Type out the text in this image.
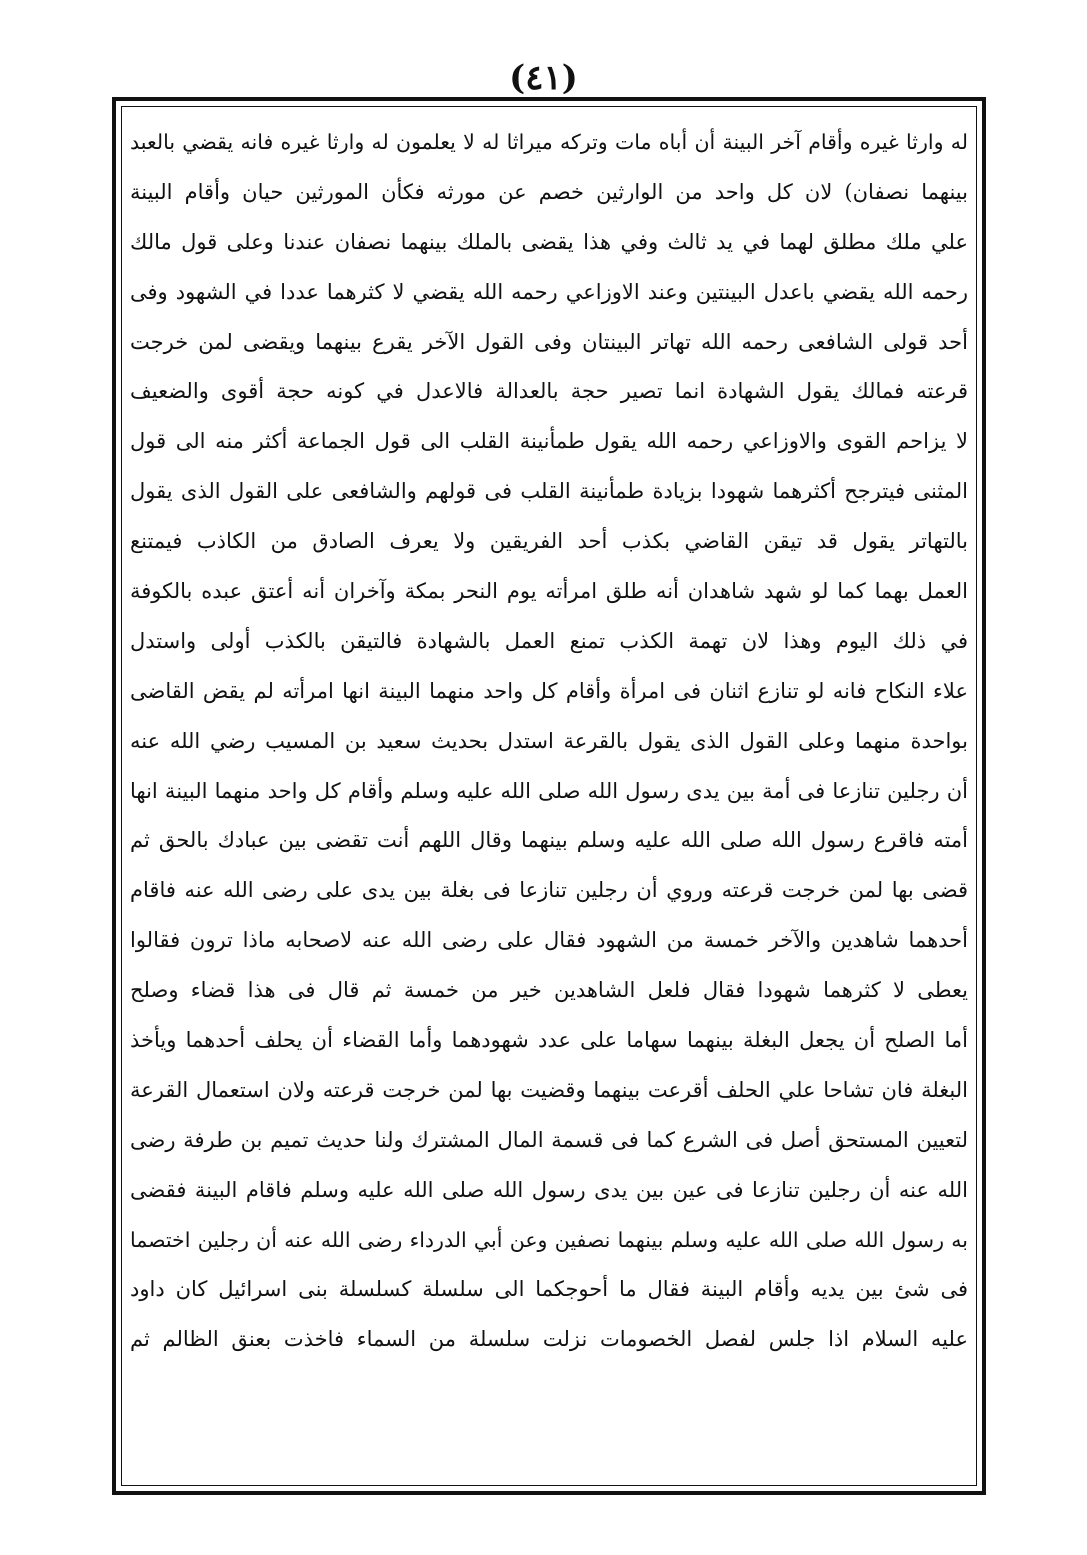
(٤١)
له وارثا غيره وأقام آخر البينة أن أباه مات وتركه ميراثا له لا يعلمون له وارثا غيره فانه يقضي بالعبد
بينهما نصفان) لان كل واحد من الوارثين خصم عن مورثه فكأن المورثين حيان وأقام البينة
علي ملك مطلق لهما في يد ثالث وفي هذا يقضى بالملك بينهما نصفان عندنا وعلى قول مالك
رحمه الله يقضي باعدل البينتين وعند الاوزاعي رحمه الله يقضي لا كثرهما عددا في الشهود وفى
أحد قولى الشافعى رحمه الله تهاتر البينتان وفى القول الآخر يقرع بينهما ويقضى لمن خرجت
قرعته فمالك يقول الشهادة انما تصير حجة بالعدالة فالاعدل في كونه حجة أقوى والضعيف
لا يزاحم القوى والاوزاعي رحمه الله يقول طمأنينة القلب الى قول الجماعة أكثر منه الى قول
المثنى فيترجح أكثرهما شهودا بزيادة طمأنينة القلب فى قولهم والشافعى على القول الذى يقول
بالتهاتر يقول قد تيقن القاضي بكذب أحد الفريقين ولا يعرف الصادق من الكاذب فيمتنع
العمل بهما كما لو شهد شاهدان أنه طلق امرأته يوم النحر بمكة وآخران أنه أعتق عبده بالكوفة
في ذلك اليوم وهذا لان تهمة الكذب تمنع العمل بالشهادة فالتيقن بالكذب أولى واستدل
علاء النكاح فانه لو تنازع اثنان فى امرأة وأقام كل واحد منهما البينة انها امرأته لم يقض القاضى
بواحدة منهما وعلى القول الذى يقول بالقرعة استدل بحديث سعيد بن المسيب رضي الله عنه
أن رجلين تنازعا فى أمة بين يدى رسول الله صلى الله عليه وسلم وأقام كل واحد منهما البينة انها
أمته فاقرع رسول الله صلى الله عليه وسلم بينهما وقال اللهم أنت تقضى بين عبادك بالحق ثم
قضى بها لمن خرجت قرعته وروي أن رجلين تنازعا فى بغلة بين يدى على رضى الله عنه فاقام
أحدهما شاهدين والآخر خمسة من الشهود فقال على رضى الله عنه لاصحابه ماذا ترون فقالوا
يعطى لا كثرهما شهودا فقال فلعل الشاهدين خير من خمسة ثم قال فى هذا قضاء وصلح
أما الصلح أن يجعل البغلة بينهما سهاما على عدد شهودهما وأما القضاء أن يحلف أحدهما ويأخذ
البغلة فان تشاحا علي الحلف أقرعت بينهما وقضيت بها لمن خرجت قرعته ولان استعمال القرعة
لتعيين المستحق أصل فى الشرع كما فى قسمة المال المشترك ولنا حديث تميم بن طرفة رضى
الله عنه أن رجلين تنازعا فى عين بين يدى رسول الله صلى الله عليه وسلم فاقام البينة فقضى
به رسول الله صلى الله عليه وسلم بينهما نصفين وعن أبي الدرداء رضى الله عنه أن رجلين اختصما
فى شئ بين يديه وأقام البينة فقال ما أحوجكما الى سلسلة كسلسلة بنى اسرائيل كان داود
عليه السلام اذا جلس لفصل الخصومات نزلت سلسلة من السماء فاخذت بعنق الظالم ثم
